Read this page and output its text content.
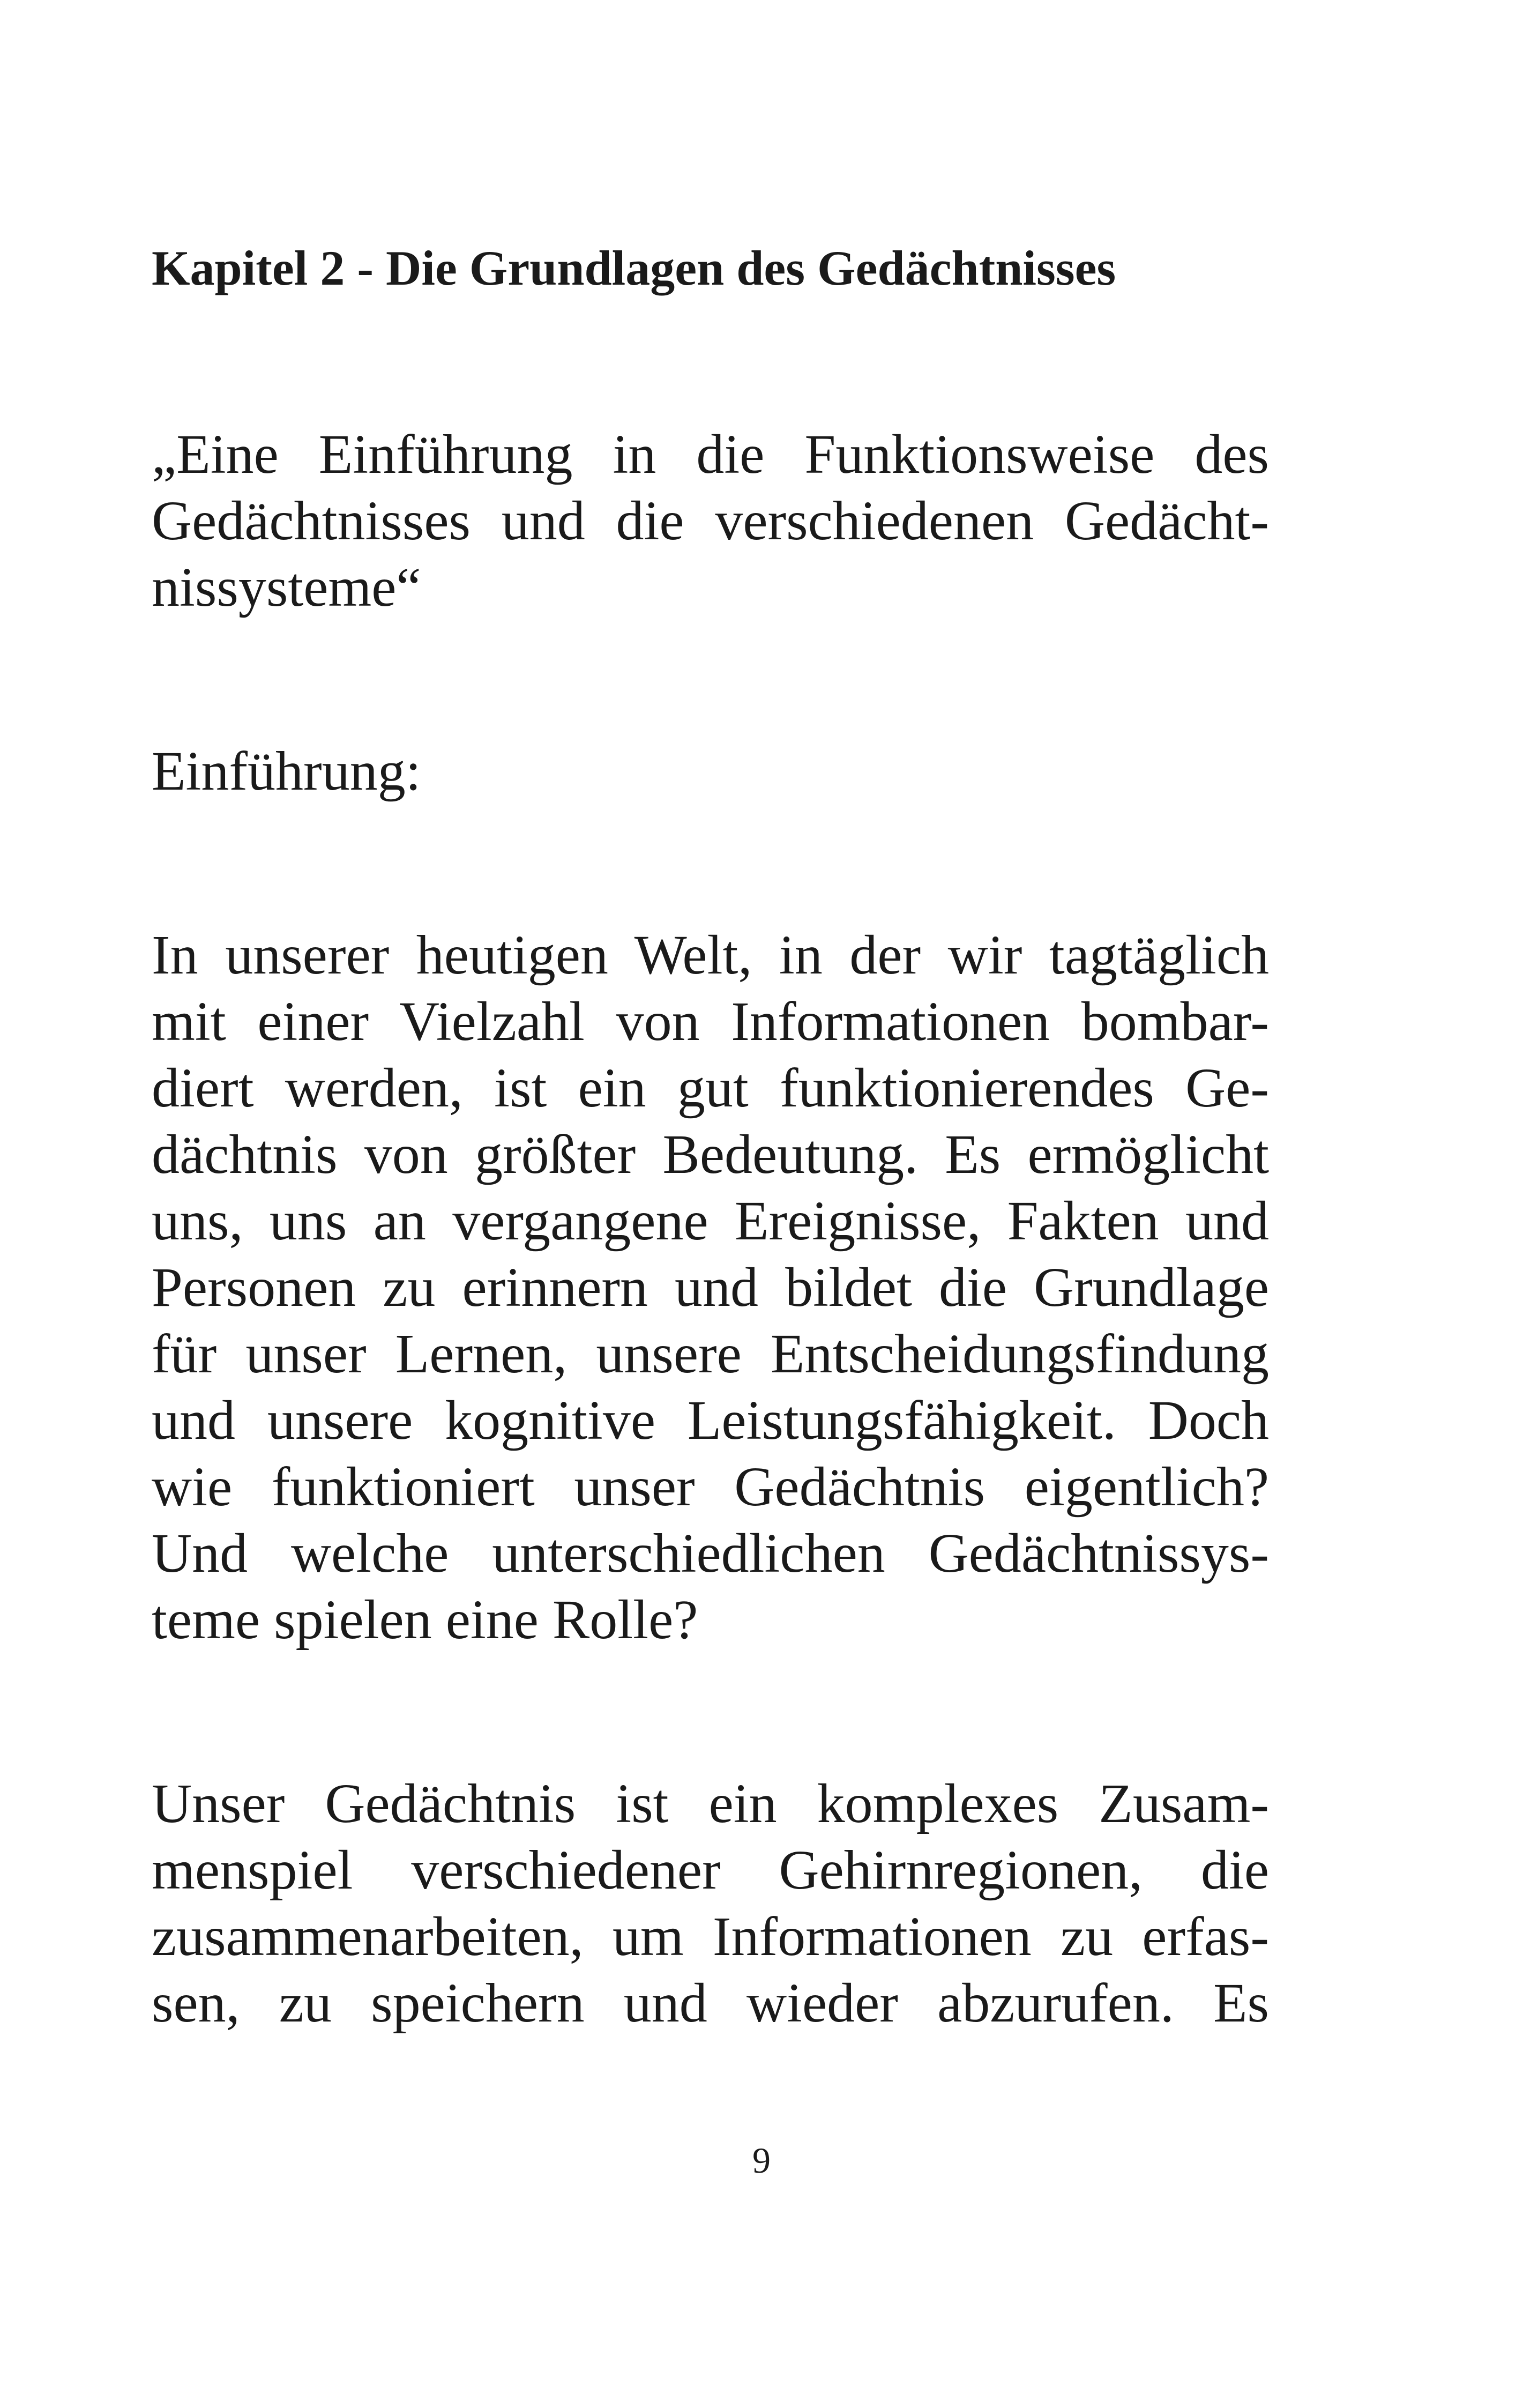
Kapitel 2 - Die Grundlagen des Gedächtnisses
„Eine Einführung in die Funktionsweise des
Gedächtnisses und die verschiedenen Gedächt-
nissysteme“
Einführung:
In unserer heutigen Welt, in der wir tagtäglich
mit einer Vielzahl von Informationen bombar-
diert werden, ist ein gut funktionierendes Ge-
dächtnis von größter Bedeutung. Es ermöglicht
uns, uns an vergangene Ereignisse, Fakten und
Personen zu erinnern und bildet die Grundlage
für unser Lernen, unsere Entscheidungsfindung
und unsere kognitive Leistungsfähigkeit. Doch
wie funktioniert unser Gedächtnis eigentlich?
Und welche unterschiedlichen Gedächtnissys-
teme spielen eine Rolle?
Unser Gedächtnis ist ein komplexes Zusam-
menspiel verschiedener Gehirnregionen, die
zusammenarbeiten, um Informationen zu erfas-
sen, zu speichern und wieder abzurufen. Es
9
